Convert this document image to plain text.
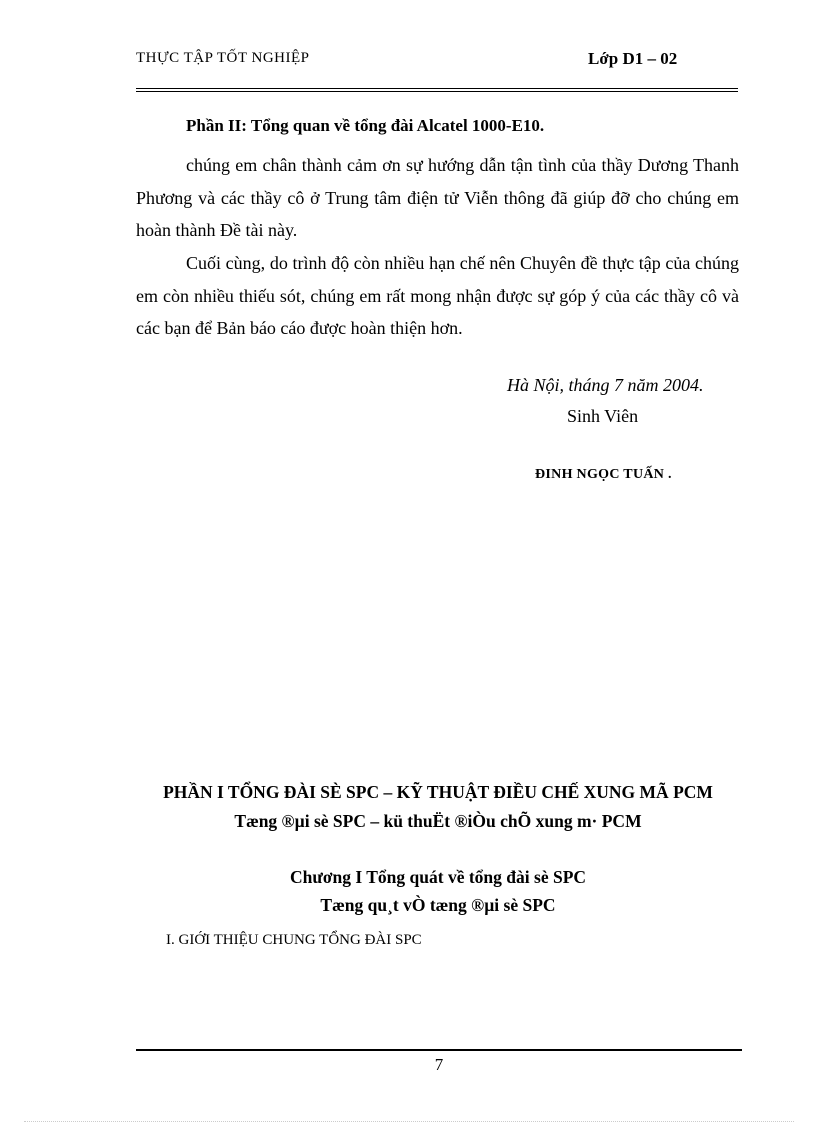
THỰC TẬP TỐT NGHIỆP	Lớp D1 – 02
Phần II: Tổng quan về tổng đài Alcatel 1000-E10.
chúng em chân thành cảm ơn sự hướng dẫn tận tình của thầy Dương Thanh Phương và các thầy cô ở Trung tâm điện tử Viễn thông đã giúp đỡ cho chúng em hoàn thành Đề tài này.
Cuối cùng, do trình độ còn nhiều hạn chế nên Chuyên đề thực tập của chúng em còn nhiều thiếu sót, chúng em rất mong nhận được sự góp ý của các thầy cô và các bạn để Bản báo cáo được hoàn thiện hơn.
Hà Nội, tháng 7 năm 2004.
Sinh Viên
ĐINH NGỌC TUẤN .
PHẦN I TỔNG ĐÀI SÈ SPC – KỸ THUẬT ĐIỀU CHẾ XUNG MÃ PCM
Tæng ®µi sè SPC – kü thuËt ®iÒu chÕ xung m· PCM
Chương I Tổng quát về tổng đài sè SPC
Tæng qu¸t vÒ tæng ®µi sè SPC
I. GIỚI THIỆU CHUNG TỔNG ĐÀI SPC
7
